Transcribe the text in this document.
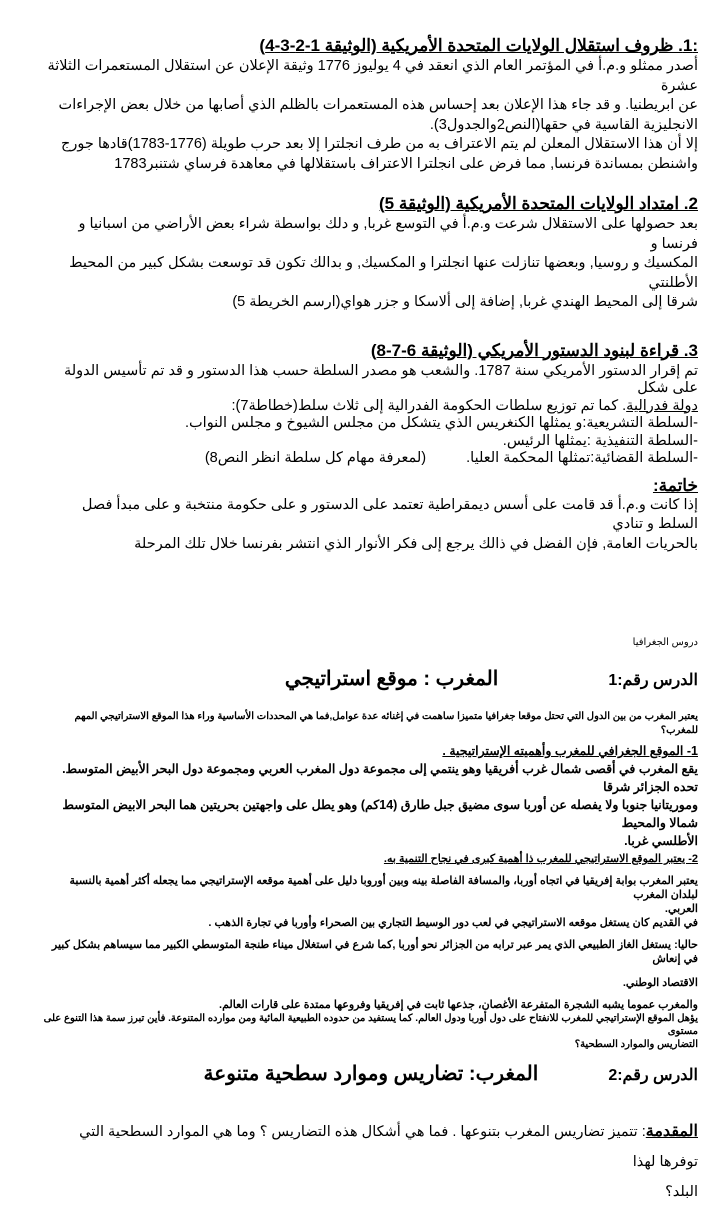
:1. ظروف استقلال الولايات المتحدة الأمريكية (الوثيقة 1-2-3-4)
أصدر ممثلو و.م.أ في المؤتمر العام الذي انعقد في 4 يوليوز 1776 وثيقة الإعلان عن استقلال المستعمرات الثلاثة عشرة
عن ابريطنيا. و قد جاء هذا الإعلان بعد إحساس هذه المستعمرات بالظلم الذي أصابها من خلال بعض الإجراءات
الانجليزية القاسية في حقها(النص2والجدول3).
إلا أن هذا الاستقلال المعلن لم يتم الاعتراف به من طرف انجلترا إلا بعد حرب طويلة (1776-1783)قادها جورج
واشنطن بمساندة فرنسا, مما فرض على انجلترا الاعتراف باستقلالها في معاهدة فرساي شتنبر1783
2. امتداد الولايات المتحدة الأمريكية (الوثيقة 5)
بعد حصولها على الاستقلال شرعت و.م.أ في التوسع غربا, و دلك بواسطة شراء بعض الأراضي من اسبانيا و فرنسا و
المكسيك و روسيا, وبعضها تنازلت عنها انجلترا و المكسيك, و بدالك تكون قد توسعت بشكل كبير من المحيط الأطلنتي
شرقا إلى المحيط الهندي غربا, إضافة إلى ألاسكا و جزر هواي(ارسم الخريطة 5)
3. قراءة لبنود الدستور الأمريكي (الوثيقة 6-7-8)
تم إقرار الدستور الأمريكي سنة 1787. والشعب هو مصدر السلطة حسب هذا الدستور و قد تم تأسيس الدولة على شكل
دولة فدرالية. كما تم توزيع سلطات الحكومة الفدرالية إلى ثلاث سلط(خطاطة7):
-السلطة التشريعية:و يمثلها الكنغريس الذي يتشكل من مجلس الشيوخ و مجلس النواب.
-السلطة التنفيذية :يمثلها الرئيس.
-السلطة القضائية:تمثلها المحكمة العليا.(لمعرفة مهام كل سلطة انظر النص8)
خاتمة:
إذا كانت و.م.أ قد قامت على أسس ديمقراطية تعتمد على الدستور و على حكومة منتخبة و على مبدأ فصل السلط و تنادي
بالحريات العامة, فإن الفضل في ذالك يرجع إلى فكر الأنوار الذي انتشر بفرنسا خلال تلك المرحلة
دروس الجغرافيا
الدرس رقم:1
المغرب : موقع استراتيجي
يعتبر المغرب من بين الدول التي تحتل موقعا جغرافيا متميزا ساهمت في إغنائه عدة عوامل,فما هي المحددات الأساسية وراء هذا الموقع الاستراتيجي المهم للمغرب؟
1- الموقع الجغرافي للمغرب وأهميته الإستراتيجية .
يقع المغرب في أقصى شمال غرب أفريقيا وهو ينتمي إلى مجموعة دول المغرب العربي ومجموعة دول البحر الأبيض المتوسط. تحده الجزائر شرقا
وموريتانيا جنوبا ولا يفصله عن أوربا سوى مضيق جبل طارق (14كم) وهو يطل على واجهتين بحريتين هما البحر الابيض المتوسط شمالا والمحيط
الأطلسي غربا.
2- يعتبر الموقع الاستراتيجي للمغرب ذا أهمية كبرى في نجاح التنمية به.
يعتبر المغرب بوابة إفريقيا في اتجاه أوربا، والمسافة الفاصلة بينه وبين أوروبا دليل على أهمية موقعه الإستراتيجي مما يجعله أكثر أهمية بالنسبة لبلدان المغرب
العربي.
في القديم كان يستغل موقعه الاستراتيجي في لعب دور الوسيط التجاري بين الصحراء وأوربا في تجارة الذهب .
حاليا: يستغل الغاز الطبيعي الذي يمر عبر ترابه من الجزائر نحو أوربا ,كما شرع في استغلال ميناء طنجة المتوسطي الكبير مما سيساهم بشكل كبير في إنعاش
الاقتصاد الوطني.
والمغرب عموما يشبه الشجرة المتفرعة الأغصان، جذعها ثابت في إفريقيا وفروعها ممتدة على قارات العالم.
يؤهل الموقع الإستراتيجي للمغرب للانفتاح على دول أوربا ودول العالم. كما يستفيد من حدوده الطبيعية المائية ومن موارده المتنوعة. فأين تبرز سمة هذا التنوع على مستوى
التضاريس والموارد السطحية؟
الدرس رقم:2
المغرب: تضاريس وموارد سطحية متنوعة
المقدمة: تتميز تضاريس المغرب بتنوعها . فما هي أشكال هذه التضاريس ؟ وما هي الموارد السطحية التي توفرها لهذا
البلد؟
